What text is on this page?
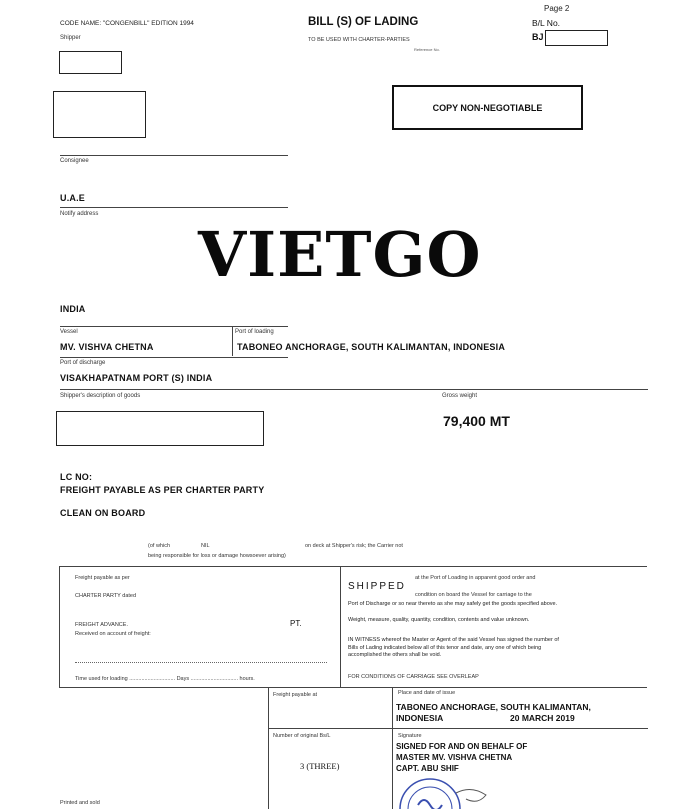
CODE NAME: "CONGENBILL" EDITION 1994
Shipper
BILL (S) OF LADING
TO BE USED WITH CHARTER-PARTIES
Reference No.
Page 2
B/L No.
BJ
COPY NON-NEGOTIABLE
Consignee
U.A.E
Notify address
VIETGO
INDIA
Vessel	Port of loading
MV. VISHVA CHETNA	TABONEO ANCHORAGE, SOUTH KALIMANTAN, INDONESIA
Port of discharge
VISAKHAPATNAM PORT (S) INDIA
Shipper's description of goods	Gross weight
79,400 MT
LC NO:
FREIGHT PAYABLE AS PER CHARTER PARTY
CLEAN ON BOARD
(of which	NIL	on deck at Shipper's risk; the Carrier not
being responsible for loss or damage howsoever arising)
Freight payable as per
CHARTER PARTY dated
FREIGHT ADVANCE.
Received on account of freight:
PT.
Time used for loading .............................. Days ............................... hours.
SHIPPED
at the Port of Loading in apparent good order and
condition on board the Vessel for carriage to the
Port of Discharge or so near thereto as she may safely get the goods specified above.
Weight, measure, quality, quantity, condition, contents and value unknown.
IN WITNESS whereof the Master or Agent of the said Vessel has signed the number of Bills of Lading indicated below all of this tenor and date, any one of which being accomplished the others shall be void.
FOR CONDITIONS OF CARRIAGE SEE OVERLEAP
Freight payable at	Place and date of issue
TABONEO ANCHORAGE, SOUTH KALIMANTAN,
INDONESIA	20 MARCH 2019
Number of original Bs/L
3 (THREE)
Signature
SIGNED FOR AND ON BEHALF OF
MASTER MV. VISHVA CHETNA
CAPT. ABU SHIF
Printed and sold
